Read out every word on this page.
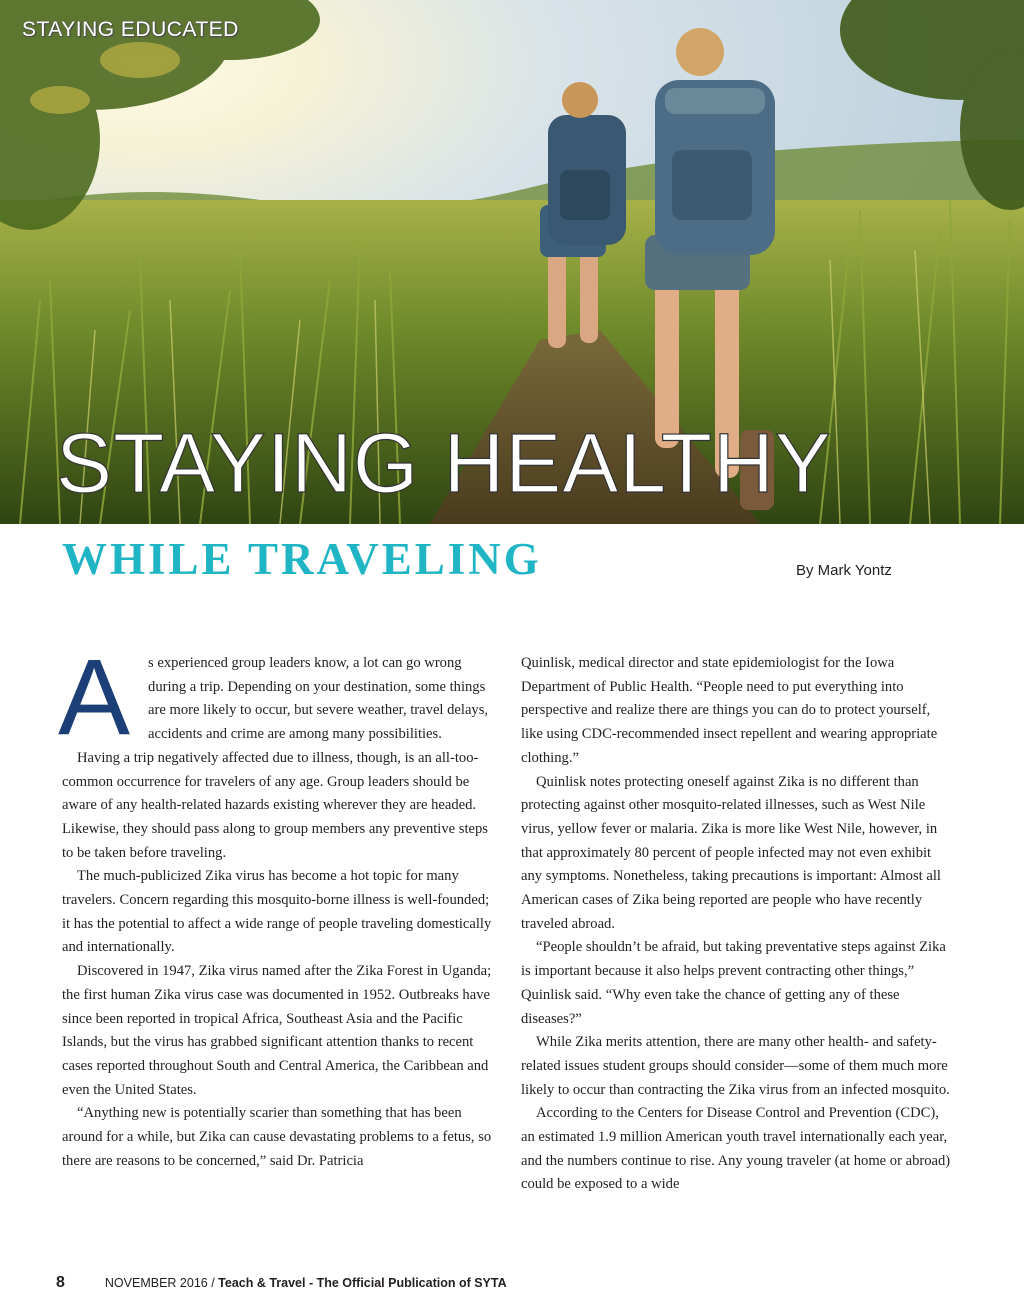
STAYING EDUCATED
STAYING HEALTHY
WHILE TRAVELING	By Mark Yontz

A s experienced group leaders know, a lot can go wrong during a trip. Depending on your destination, some things are more likely to occur, but severe weather, travel delays, accidents and crime are among many possibilities.

Having a trip negatively affected due to illness, though, is an all-too-common occurrence for travelers of any age. Group leaders should be aware of any health-related hazards existing wherever they are headed. Likewise, they should pass along to group members any preventive steps to be taken before traveling.

The much-publicized Zika virus has become a hot topic for many travelers. Concern regarding this mosquito-borne illness is well-founded; it has the potential to affect a wide range of people traveling domestically and internationally.

Discovered in 1947, Zika virus named after the Zika Forest in Uganda; the first human Zika virus case was documented in 1952. Outbreaks have since been reported in tropical Africa, Southeast Asia and the Pacific Islands, but the virus has grabbed significant attention thanks to recent cases reported throughout South and Central America, the Caribbean and even the United States.

“Anything new is potentially scarier than something that has been around for a while, but Zika can cause devastating problems to a fetus, so there are reasons to be concerned,” said Dr. Patricia

Quinlisk, medical director and state epidemiologist for the Iowa Department of Public Health. “People need to put everything into perspective and realize there are things you can do to protect yourself, like using CDC-recommended insect repellent and wearing appropriate clothing.”

Quinlisk notes protecting oneself against Zika is no different than protecting against other mosquito-related illnesses, such as West Nile virus, yellow fever or malaria. Zika is more like West Nile, however, in that approximately 80 percent of people infected may not even exhibit any symptoms. Nonetheless, taking precautions is important: Almost all American cases of Zika being reported are people who have recently traveled abroad.

“People shouldn’t be afraid, but taking preventative steps against Zika is important because it also helps prevent contracting other things,” Quinlisk said. “Why even take the chance of getting any of these diseases?”

While Zika merits attention, there are many other health- and safety-related issues student groups should consider—some of them much more likely to occur than contracting the Zika virus from an infected mosquito.

According to the Centers for Disease Control and Prevention (CDC), an estimated 1.9 million American youth travel internationally each year, and the numbers continue to rise. Any young traveler (at home or abroad) could be exposed to a wide

8	NOVEMBER 2016 / Teach & Travel - The Official Publication of SYTA
